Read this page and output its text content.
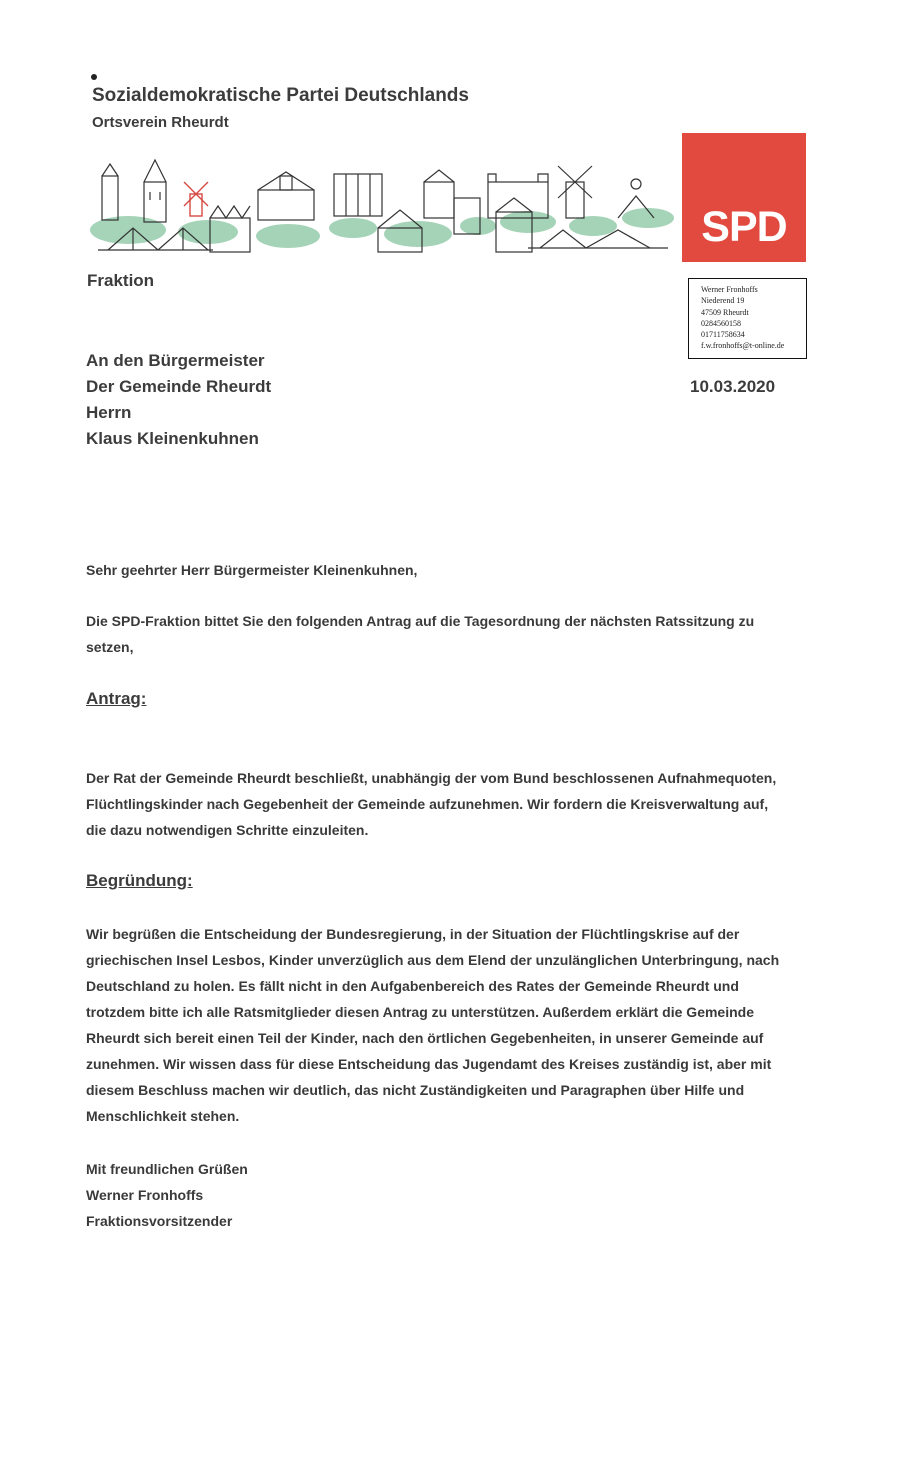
Sozialdemokratische Partei Deutschlands
Ortsverein Rheurdt
SPD
Fraktion	Werner Fronhoffs
Niederend 19
47509 Rheurdt
0284560158
01711758634
f.w.fronhoffs@t-online.de
An den Bürgermeister
Der Gemeinde Rheurdt
Herrn
Klaus Kleinenkuhnen
10.03.2020
Sehr geehrter Herr Bürgermeister Kleinenkuhnen,
Die SPD-Fraktion bittet Sie den folgenden Antrag auf die Tagesordnung der nächsten Ratssitzung zu
setzen,
Antrag:
Der Rat der Gemeinde Rheurdt beschließt, unabhängig der vom Bund beschlossenen Aufnahmequoten,
Flüchtlingskinder nach Gegebenheit der Gemeinde aufzunehmen. Wir fordern die Kreisverwaltung auf,
die dazu notwendigen Schritte einzuleiten.
Begründung:
Wir begrüßen die Entscheidung der Bundesregierung, in der Situation der Flüchtlingskrise auf der
griechischen Insel Lesbos, Kinder unverzüglich aus dem Elend der unzulänglichen Unterbringung, nach
Deutschland zu holen. Es fällt nicht in den Aufgabenbereich des Rates der Gemeinde Rheurdt und
trotzdem bitte ich alle Ratsmitglieder diesen Antrag zu unterstützen. Außerdem erklärt die Gemeinde
Rheurdt sich bereit einen Teil der Kinder, nach den örtlichen Gegebenheiten, in unserer Gemeinde auf
zunehmen. Wir wissen dass für diese Entscheidung das Jugendamt des Kreises zuständig ist, aber mit
diesem Beschluss machen wir deutlich, das nicht Zuständigkeiten und Paragraphen über Hilfe und
Menschlichkeit stehen.
Mit freundlichen Grüßen
Werner Fronhoffs
Fraktionsvorsitzender
